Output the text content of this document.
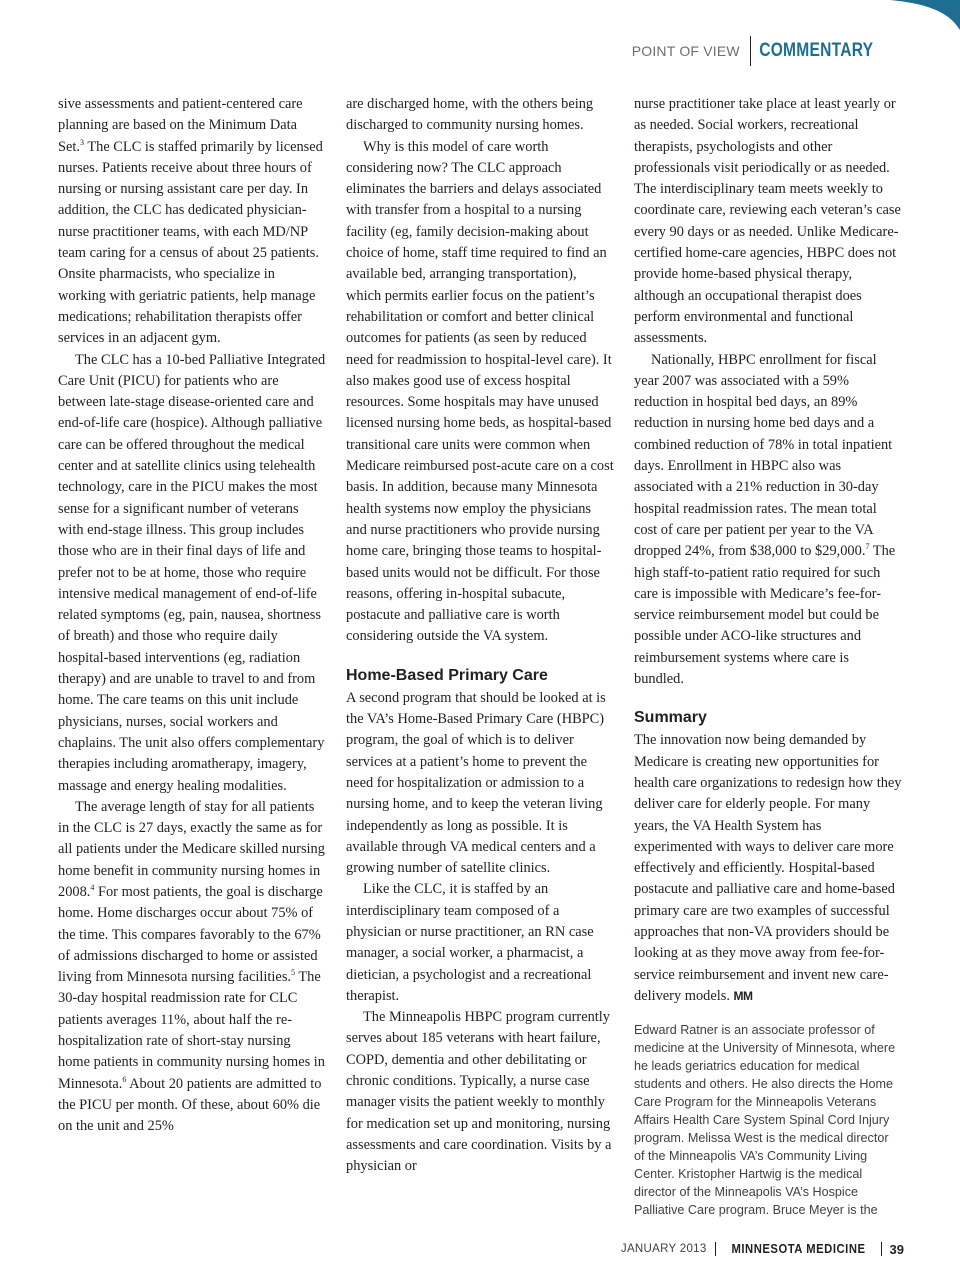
POINT OF VIEW	COMMENTARY

sive assessments and patient-centered care planning are based on the Minimum Data Set.$^3$ The CLC is staffed primarily by licensed nurses. Patients receive about three hours of nursing or nursing assistant care per day. In addition, the CLC has dedicated physician-nurse practitioner teams, with each MD/NP team caring for a census of about 25 patients. Onsite pharmacists, who specialize in working with geriatric patients, help manage medications; rehabilitation therapists offer services in an adjacent gym.

The CLC has a 10-bed Palliative Integrated Care Unit (PICU) for patients who are between late-stage disease-oriented care and end-of-life care (hospice). Although palliative care can be offered throughout the medical center and at satellite clinics using telehealth technology, care in the PICU makes the most sense for a significant number of veterans with end-stage illness. This group includes those who are in their final days of life and prefer not to be at home, those who require intensive medical management of end-of-life related symptoms (eg, pain, nausea, shortness of breath) and those who require daily hospital-based interventions (eg, radiation therapy) and are unable to travel to and from home. The care teams on this unit include physicians, nurses, social workers and chaplains. The unit also offers complementary therapies including aromatherapy, imagery, massage and energy healing modalities.

The average length of stay for all patients in the CLC is 27 days, exactly the same as for all patients under the Medicare skilled nursing home benefit in community nursing homes in 2008.$^4$ For most patients, the goal is discharge home. Home discharges occur about 75% of the time. This compares favorably to the 67% of admissions discharged to home or assisted living from Minnesota nursing facilities.$^5$ The 30-day hospital readmission rate for CLC patients averages 11%, about half the re-hospitalization rate of short-stay nursing home patients in community nursing homes in Minnesota.$^6$ About 20 patients are admitted to the PICU per month. Of these, about 60% die on the unit and 25%

are discharged home, with the others being discharged to community nursing homes.

Why is this model of care worth considering now? The CLC approach eliminates the barriers and delays associated with transfer from a hospital to a nursing facility (eg, family decision-making about choice of home, staff time required to find an available bed, arranging transportation), which permits earlier focus on the patient’s rehabilitation or comfort and better clinical outcomes for patients (as seen by reduced need for readmission to hospital-level care). It also makes good use of excess hospital resources. Some hospitals may have unused licensed nursing home beds, as hospital-based transitional care units were common when Medicare reimbursed post-acute care on a cost basis. In addition, because many Minnesota health systems now employ the physicians and nurse practitioners who provide nursing home care, bringing those teams to hospital-based units would not be difficult. For those reasons, offering in-hospital subacute, postacute and palliative care is worth considering outside the VA system.

Home-Based Primary Care

A second program that should be looked at is the VA’s Home-Based Primary Care (HBPC) program, the goal of which is to deliver services at a patient’s home to prevent the need for hospitalization or admission to a nursing home, and to keep the veteran living independently as long as possible. It is available through VA medical centers and a growing number of satellite clinics.

Like the CLC, it is staffed by an interdisciplinary team composed of a physician or nurse practitioner, an RN case manager, a social worker, a pharmacist, a dietician, a psychologist and a recreational therapist.

The Minneapolis HBPC program currently serves about 185 veterans with heart failure, COPD, dementia and other debilitating or chronic conditions. Typically, a nurse case manager visits the patient weekly to monthly for medication set up and monitoring, nursing assessments and care coordination. Visits by a physician or

nurse practitioner take place at least yearly or as needed. Social workers, recreational therapists, psychologists and other professionals visit periodically or as needed. The interdisciplinary team meets weekly to coordinate care, reviewing each veteran’s case every 90 days or as needed. Unlike Medicare-certified home-care agencies, HBPC does not provide home-based physical therapy, although an occupational therapist does perform environmental and functional assessments.

Nationally, HBPC enrollment for fiscal year 2007 was associated with a 59% reduction in hospital bed days, an 89% reduction in nursing home bed days and a combined reduction of 78% in total inpatient days. Enrollment in HBPC also was associated with a 21% reduction in 30-day hospital readmission rates. The mean total cost of care per patient per year to the VA dropped 24%, from $38,000 to $29,000.$^7$ The high staff-to-patient ratio required for such care is impossible with Medicare’s fee-for-service reimbursement model but could be possible under ACO-like structures and reimbursement systems where care is bundled.

Summary

The innovation now being demanded by Medicare is creating new opportunities for health care organizations to redesign how they deliver care for elderly people. For many years, the VA Health System has experimented with ways to deliver care more effectively and efficiently. Hospital-based postacute and palliative care and home-based primary care are two examples of successful approaches that non-VA providers should be looking at as they move away from fee-for-service reimbursement and invent new care-delivery models. MM

Edward Ratner is an associate professor of medicine at the University of Minnesota, where he leads geriatrics education for medical students and others. He also directs the Home Care Program for the Minneapolis Veterans Affairs Health Care System Spinal Cord Injury program. Melissa West is the medical director of the Minneapolis VA’s Community Living Center. Kristopher Hartwig is the medical director of the Minneapolis VA’s Hospice Palliative Care program. Bruce Meyer is the
JANUARY 2013 MINNESOTA MEDICINE 39
